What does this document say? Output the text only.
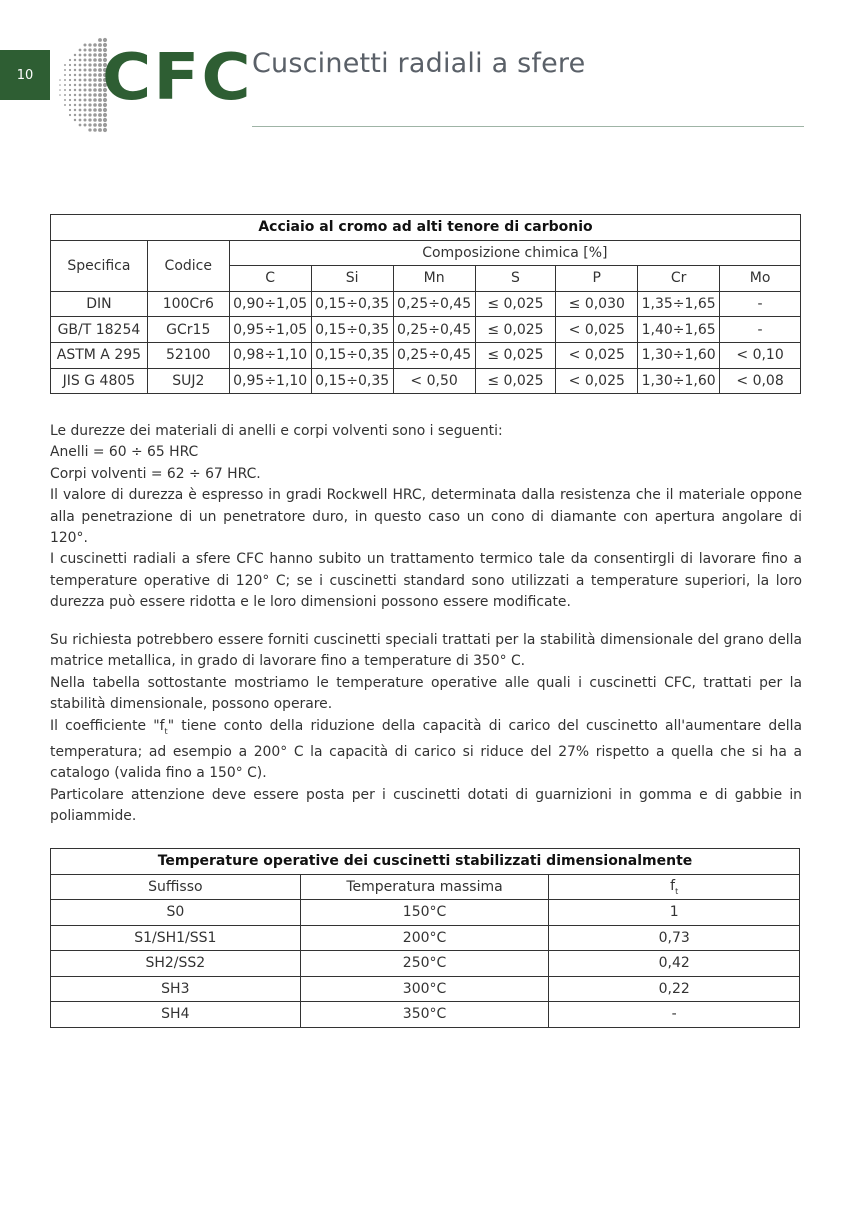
10 CFC Cuscinetti radiali a sfere
Acciaio al cromo ad alti tenore di carbonio								
Specifica	Codice	Composizione chimica [%]						
		C	Si	Mn	S	P	Cr	Mo
DIN	100Cr6	0,90÷1,05	0,15÷0,35	0,25÷0,45	≤ 0,025	≤ 0,030	1,35÷1,65	-
GB/T 18254	GCr15	0,95÷1,05	0,15÷0,35	0,25÷0,45	≤ 0,025	< 0,025	1,40÷1,65	-
ASTM A 295	52100	0,98÷1,10	0,15÷0,35	0,25÷0,45	≤ 0,025	< 0,025	1,30÷1,60	< 0,10
JIS G 4805	SUJ2	0,95÷1,10	0,15÷0,35	< 0,50	≤ 0,025	< 0,025	1,30÷1,60	< 0,08

Le durezze dei materiali di anelli e corpi volventi sono i seguenti:

Anelli = 60 ÷ 65 HRC

Corpi volventi = 62 ÷ 67 HRC.

Il valore di durezza è espresso in gradi Rockwell HRC, determinata dalla resistenza che il materiale oppone alla penetrazione di un penetratore duro, in questo caso un cono di diamante con apertura angolare di 120°.

I cuscinetti radiali a sfere CFC hanno subito un trattamento termico tale da consentirgli di lavorare fino a temperature operative di 120° C; se i cuscinetti standard sono utilizzati a temperature superiori, la loro durezza può essere ridotta e le loro dimensioni possono essere modificate.

Su richiesta potrebbero essere forniti cuscinetti speciali trattati per la stabilità dimensionale del grano della matrice metallica, in grado di lavorare fino a temperature di 350° C.

Nella tabella sottostante mostriamo le temperature operative alle quali i cuscinetti CFC, trattati per la stabilità dimensionale, possono operare.

Il coefficiente "$f_t$" tiene conto della riduzione della capacità di carico del cuscinetto all'aumentare della temperatura; ad esempio a 200° C la capacità di carico si riduce del 27% rispetto a quella che si ha a catalogo (valida fino a 150° C).

Particolare attenzione deve essere posta per i cuscinetti dotati di guarnizioni in gomma e di gabbie in poliammide.

Temperature operative dei cuscinetti stabilizzati dimensionalmente		
Suffisso	Temperatura massima	$f_t$
S0	150°C	1
S1/SH1/SS1	200°C	0,73
SH2/SS2	250°C	0,42
SH3	300°C	0,22
SH4	350°C	-
